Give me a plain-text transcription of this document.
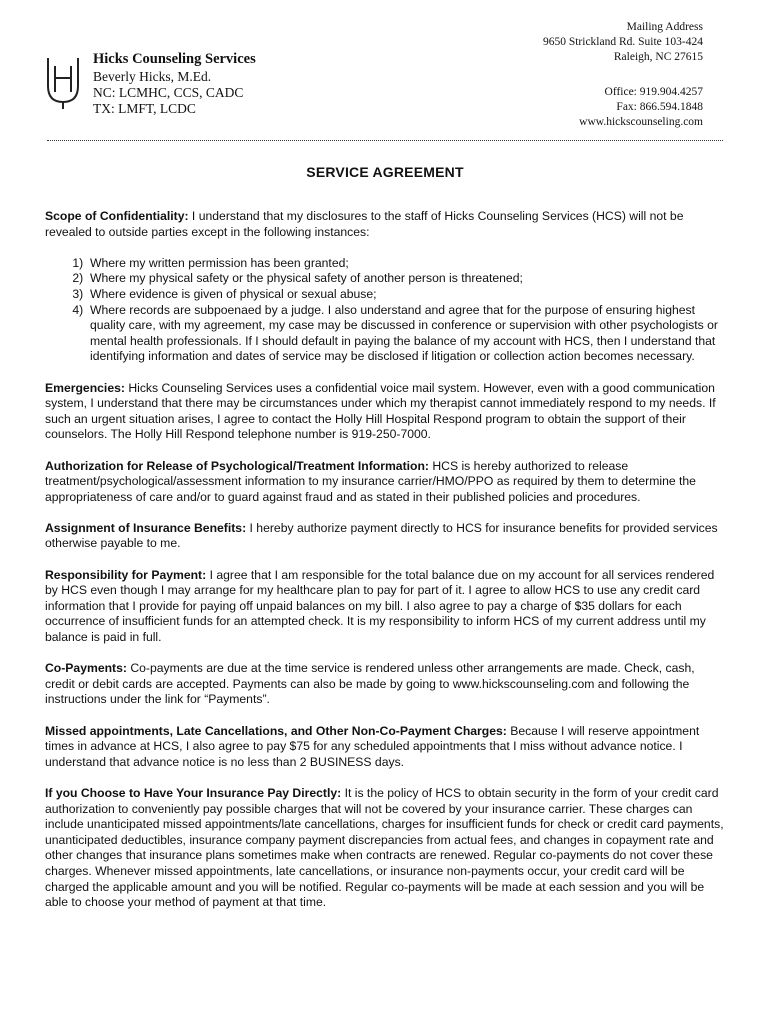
Hicks Counseling Services
Beverly Hicks, M.Ed.
NC: LCMHC, CCS, CADC
TX: LMFT, LCDC
Mailing Address
9650 Strickland Rd. Suite 103-424
Raleigh, NC 27615
Office: 919.904.4257
Fax: 866.594.1848
www.hickscounseling.com
SERVICE AGREEMENT

Scope of Confidentiality: I understand that my disclosures to the staff of Hicks Counseling Services (HCS) will not be revealed to outside parties except in the following instances:

1. Where my written permission has been granted;
2. Where my physical safety or the physical safety of another person is threatened;
3. Where evidence is given of physical or sexual abuse;
4. Where records are subpoenaed by a judge. I also understand and agree that for the purpose of ensuring highest quality care, with my agreement, my case may be discussed in conference or supervision with other psychologists or mental health professionals. If I should default in paying the balance of my account with HCS, then I understand that identifying information and dates of service may be disclosed if litigation or collection action becomes necessary.

Emergencies: Hicks Counseling Services uses a confidential voice mail system. However, even with a good communication system, I understand that there may be circumstances under which my therapist cannot immediately respond to my needs. If such an urgent situation arises, I agree to contact the Holly Hill Hospital Respond program to obtain the support of their counselors. The Holly Hill Respond telephone number is 919-250-7000.

Authorization for Release of Psychological/Treatment Information: HCS is hereby authorized to release treatment/psychological/assessment information to my insurance carrier/HMO/PPO as required by them to determine the appropriateness of care and/or to guard against fraud and as stated in their published policies and procedures.

Assignment of Insurance Benefits: I hereby authorize payment directly to HCS for insurance benefits for provided services otherwise payable to me.

Responsibility for Payment: I agree that I am responsible for the total balance due on my account for all services rendered by HCS even though I may arrange for my healthcare plan to pay for part of it. I agree to allow HCS to use any credit card information that I provide for paying off unpaid balances on my bill. I also agree to pay a charge of $35 dollars for each occurrence of insufficient funds for an attempted check. It is my responsibility to inform HCS of my current address until my balance is paid in full.

Co-Payments: Co-payments are due at the time service is rendered unless other arrangements are made. Check, cash, credit or debit cards are accepted. Payments can also be made by going to www.hickscounseling.com and following the instructions under the link for “Payments”.

Missed appointments, Late Cancellations, and Other Non-Co-Payment Charges: Because I will reserve appointment times in advance at HCS, I also agree to pay $75 for any scheduled appointments that I miss without advance notice. I understand that advance notice is no less than 2 BUSINESS days.

If you Choose to Have Your Insurance Pay Directly: It is the policy of HCS to obtain security in the form of your credit card authorization to conveniently pay possible charges that will not be covered by your insurance carrier. These charges can include unanticipated missed appointments/late cancellations, charges for insufficient funds for check or credit card payments, unanticipated deductibles, insurance company payment discrepancies from actual fees, and changes in copayment rate and other changes that insurance plans sometimes make when contracts are renewed. Regular co-payments do not cover these charges. Whenever missed appointments, late cancellations, or insurance non-payments occur, your credit card will be charged the applicable amount and you will be notified. Regular co-payments will be made at each session and you will be able to choose your method of payment at that time.
